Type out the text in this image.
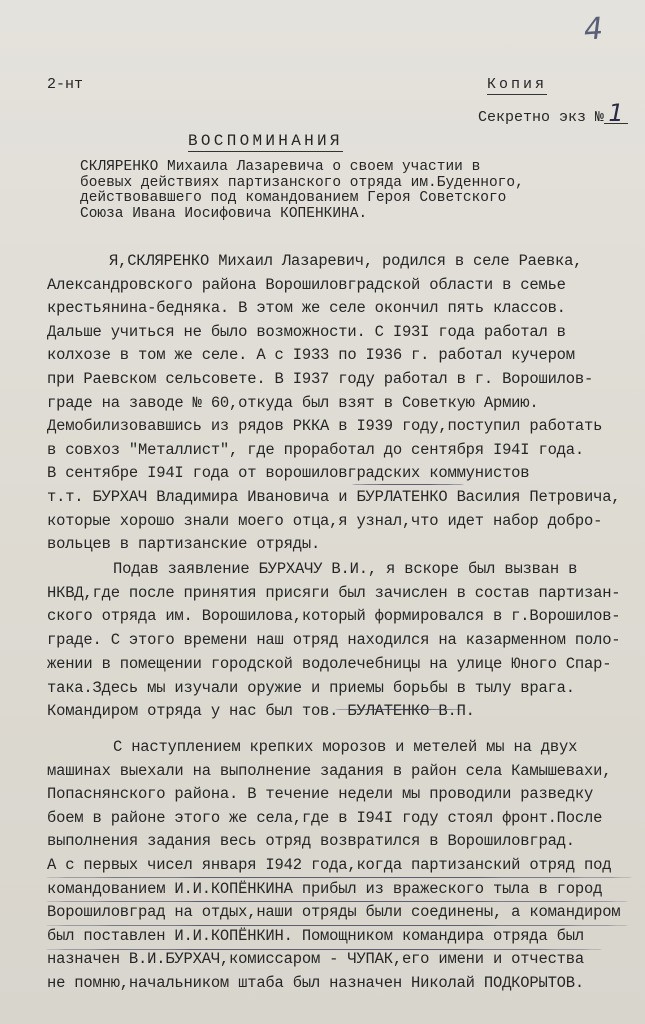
4
2-нт	Копия
Секретно экз № 1
ВОСПОМИНАНИЯ
СКЛЯРЕНКО Михаила Лазаревича о своем участии в
боевых действиях партизанского отряда им.Буденного,
действовавшего под командованием Героя Советского
Союза Ивана Иосифовича КОПЕНКИНА.
Я,СКЛЯРЕНКО Михаил Лазаревич, родился в селе Раевка,
Александровского района Ворошиловградской области в семье
крестьянина-бедняка. В этом же селе окончил пять классов.
Дальше учиться не было возможности. С I93I года работал в
колхозе в том же селе. А с I933 по I936 г. работал кучером
при Раевском сельсовете. В I937 году работал в г. Ворошилов-
граде на заводе № 60,откуда был взят в Советкую Армию.
Демобилизовавшись из рядов РККА в I939 году,поступил работать
в совхоз "Металлист", где проработал до сентября I94I года.
В сентябре I94I года от ворошиловградских коммунистов
т.т. БУРХАЧ Владимира Ивановича и БУРЛАТЕНКО Василия Петровича,
которые хорошо знали моего отца,я узнал,что идет набор добро-
вольцев в партизанские отряды.
Подав заявление БУРХАЧУ В.И., я вскоре был вызван в
НКВД,где после принятия присяги был зачислен в состав партизан-
ского отряда им. Ворошилова,который формировался в г.Ворошилов-
граде. С этого времени наш отряд находился на казарменном поло-
жении в помещении городской водолечебницы на улице Юного Спар-
така.Здесь мы изучали оружие и приемы борьбы в тылу врага.
Командиром отряда у нас был тов. БУЛАТЕНКО В.П.
С наступлением крепких морозов и метелей мы на двух
машинах выехали на выполнение задания в район села Камышевахи,
Попаснянского района. В течение недели мы проводили разведку
боем в районе этого же села,где в I94I году стоял фронт.После
выполнения задания весь отряд возвратился в Ворошиловград.
А с первых чисел января I942 года,когда партизанский отряд под
командованием И.И.КОПЁНКИНА прибыл из вражеского тыла в город
Ворошиловград на отдых,наши отряды были соединены, а командиром
был поставлен И.И.КОПЁНКИН. Помощником командира отряда был
назначен В.И.БУРХАЧ,комиссаром - ЧУПАК,его имени и отчества
не помню,начальником штаба был назначен Николай ПОДКОРЫТОВ.
